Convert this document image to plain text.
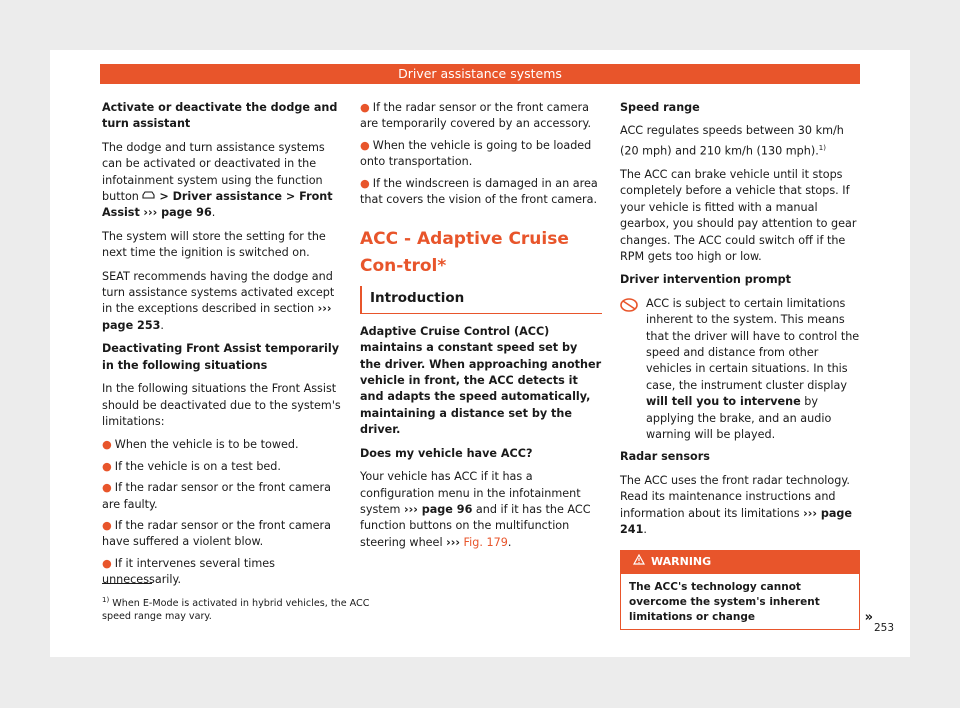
Driver assistance systems

Activate or deactivate the dodge and turn assistant

The dodge and turn assistance systems can be activated or deactivated in the infotainment system using the function button  > Driver assistance > Front Assist ››› page 96.

The system will store the setting for the next time the ignition is switched on.

SEAT recommends having the dodge and turn assistance systems activated except in the exceptions described in section ››› page 253.

Deactivating Front Assist temporarily in the following situations

In the following situations the Front Assist should be deactivated due to the system's limitations:

● When the vehicle is to be towed.
● If the vehicle is on a test bed.
● If the radar sensor or the front camera are faulty.
● If the radar sensor or the front camera have suffered a violent blow.
● If it intervenes several times unnecessarily.
● If the radar sensor or the front camera are temporarily covered by an accessory.
● When the vehicle is going to be loaded onto transportation.
● If the windscreen is damaged in an area that covers the vision of the front camera.
ACC - Adaptive Cruise Con-trol*
Introduction

Adaptive Cruise Control (ACC) maintains a constant speed set by the driver. When approaching another vehicle in front, the ACC detects it and adapts the speed automatically, maintaining a distance set by the driver.

Does my vehicle have ACC?

Your vehicle has ACC if it has a configuration menu in the infotainment system ››› page 96 and if it has the ACC function buttons on the multifunction steering wheel ››› Fig. 179.

Speed range

ACC regulates speeds between 30 km/h (20 mph) and 210 km/h (130 mph).$^{1)}$

The ACC can brake vehicle until it stops completely before a vehicle that stops. If your vehicle is fitted with a manual gearbox, you should pay attention to gear changes. The ACC could switch off if the RPM gets too high or low.

Driver intervention prompt

ACC is subject to certain limitations inherent to the system. This means that the driver will have to control the speed and distance from other vehicles in certain situations. In this case, the instrument cluster display will tell you to intervene by applying the brake, and an audio warning will be played.

Radar sensors

The ACC uses the front radar technology. Read its maintenance instructions and information about its limitations ››› page 241.

WARNING
The ACC's technology cannot overcome the system's inherent limitations or change	»
$^{1)}$ When E-Mode is activated in hybrid vehicles, the ACC speed range may vary.
253
